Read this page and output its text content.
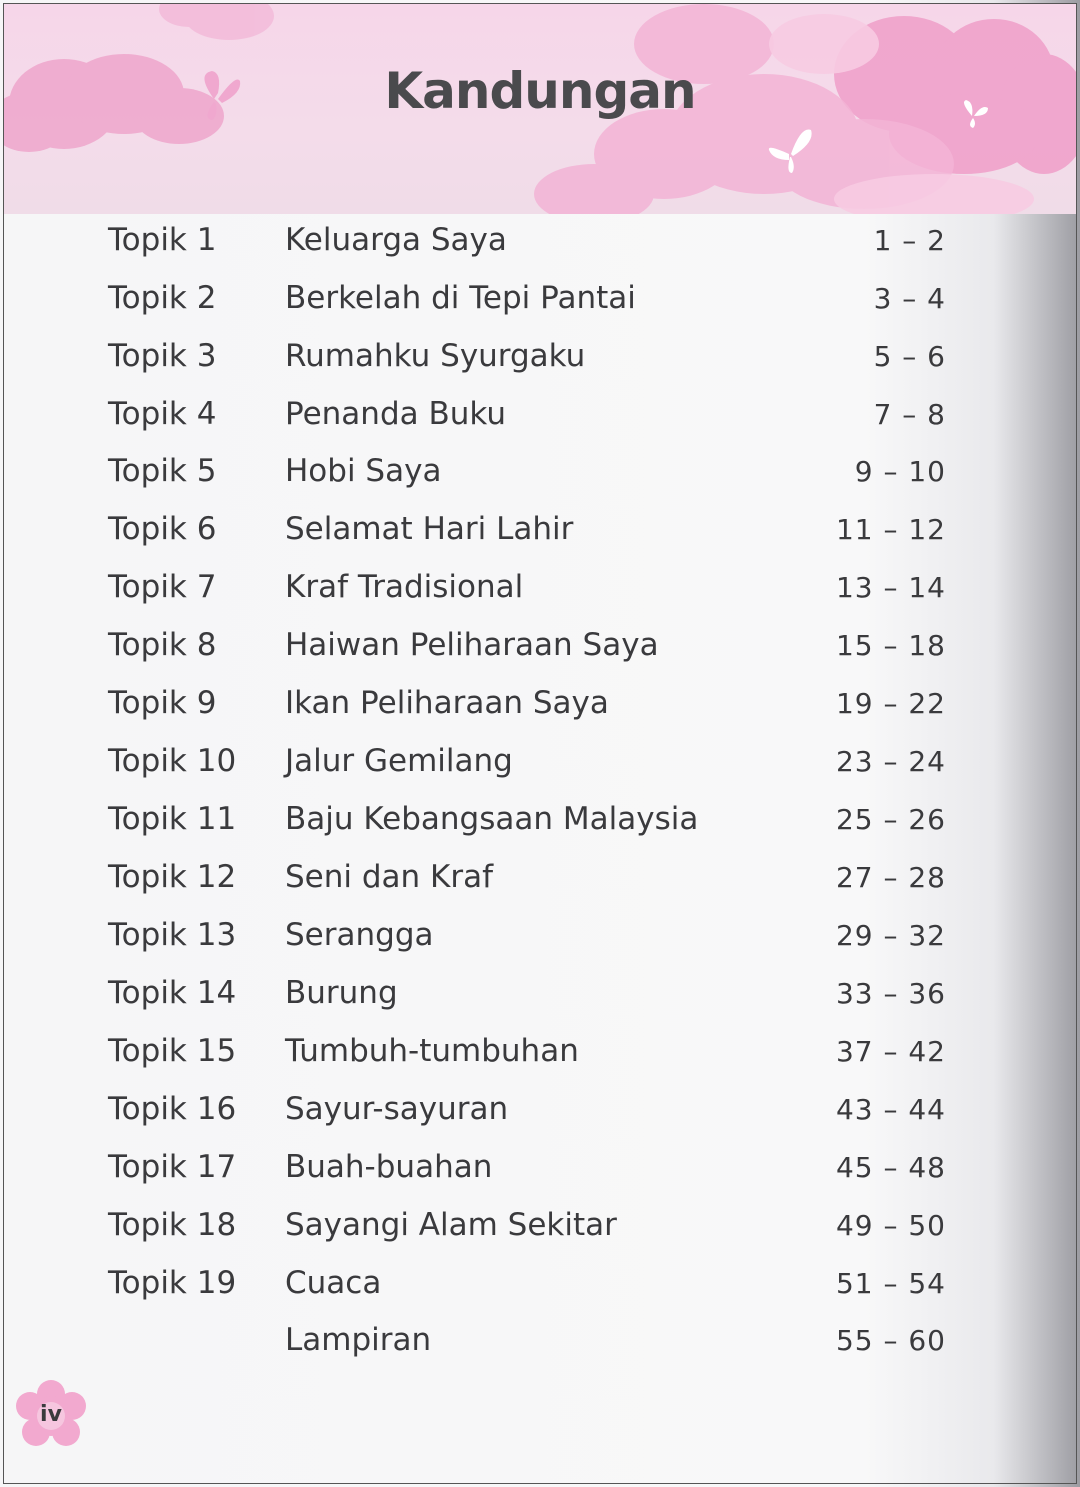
Kandungan
Topik 1 Keluarga Saya	1 – 2
Topik 2 Berkelah di Tepi Pantai	3 – 4
Topik 3 Rumahku Syurgaku	5 – 6
Topik 4 Penanda Buku	7 – 8
Topik 5 Hobi Saya	9 – 10
Topik 6 Selamat Hari Lahir	11 – 12
Topik 7 Kraf Tradisional	13 – 14
Topik 8 Haiwan Peliharaan Saya	15 – 18
Topik 9 Ikan Peliharaan Saya	19 – 22
Topik 10 Jalur Gemilang	23 – 24
Topik 11 Baju Kebangsaan Malaysia	25 – 26
Topik 12 Seni dan Kraf	27 – 28
Topik 13 Serangga	29 – 32
Topik 14 Burung	33 – 36
Topik 15 Tumbuh-tumbuhan	37 – 42
Topik 16 Sayur-sayuran	43 – 44
Topik 17 Buah-buahan	45 – 48
Topik 18 Sayangi Alam Sekitar	49 – 50
Topik 19 Cuaca	51 – 54
Lampiran	55 – 60
iv
